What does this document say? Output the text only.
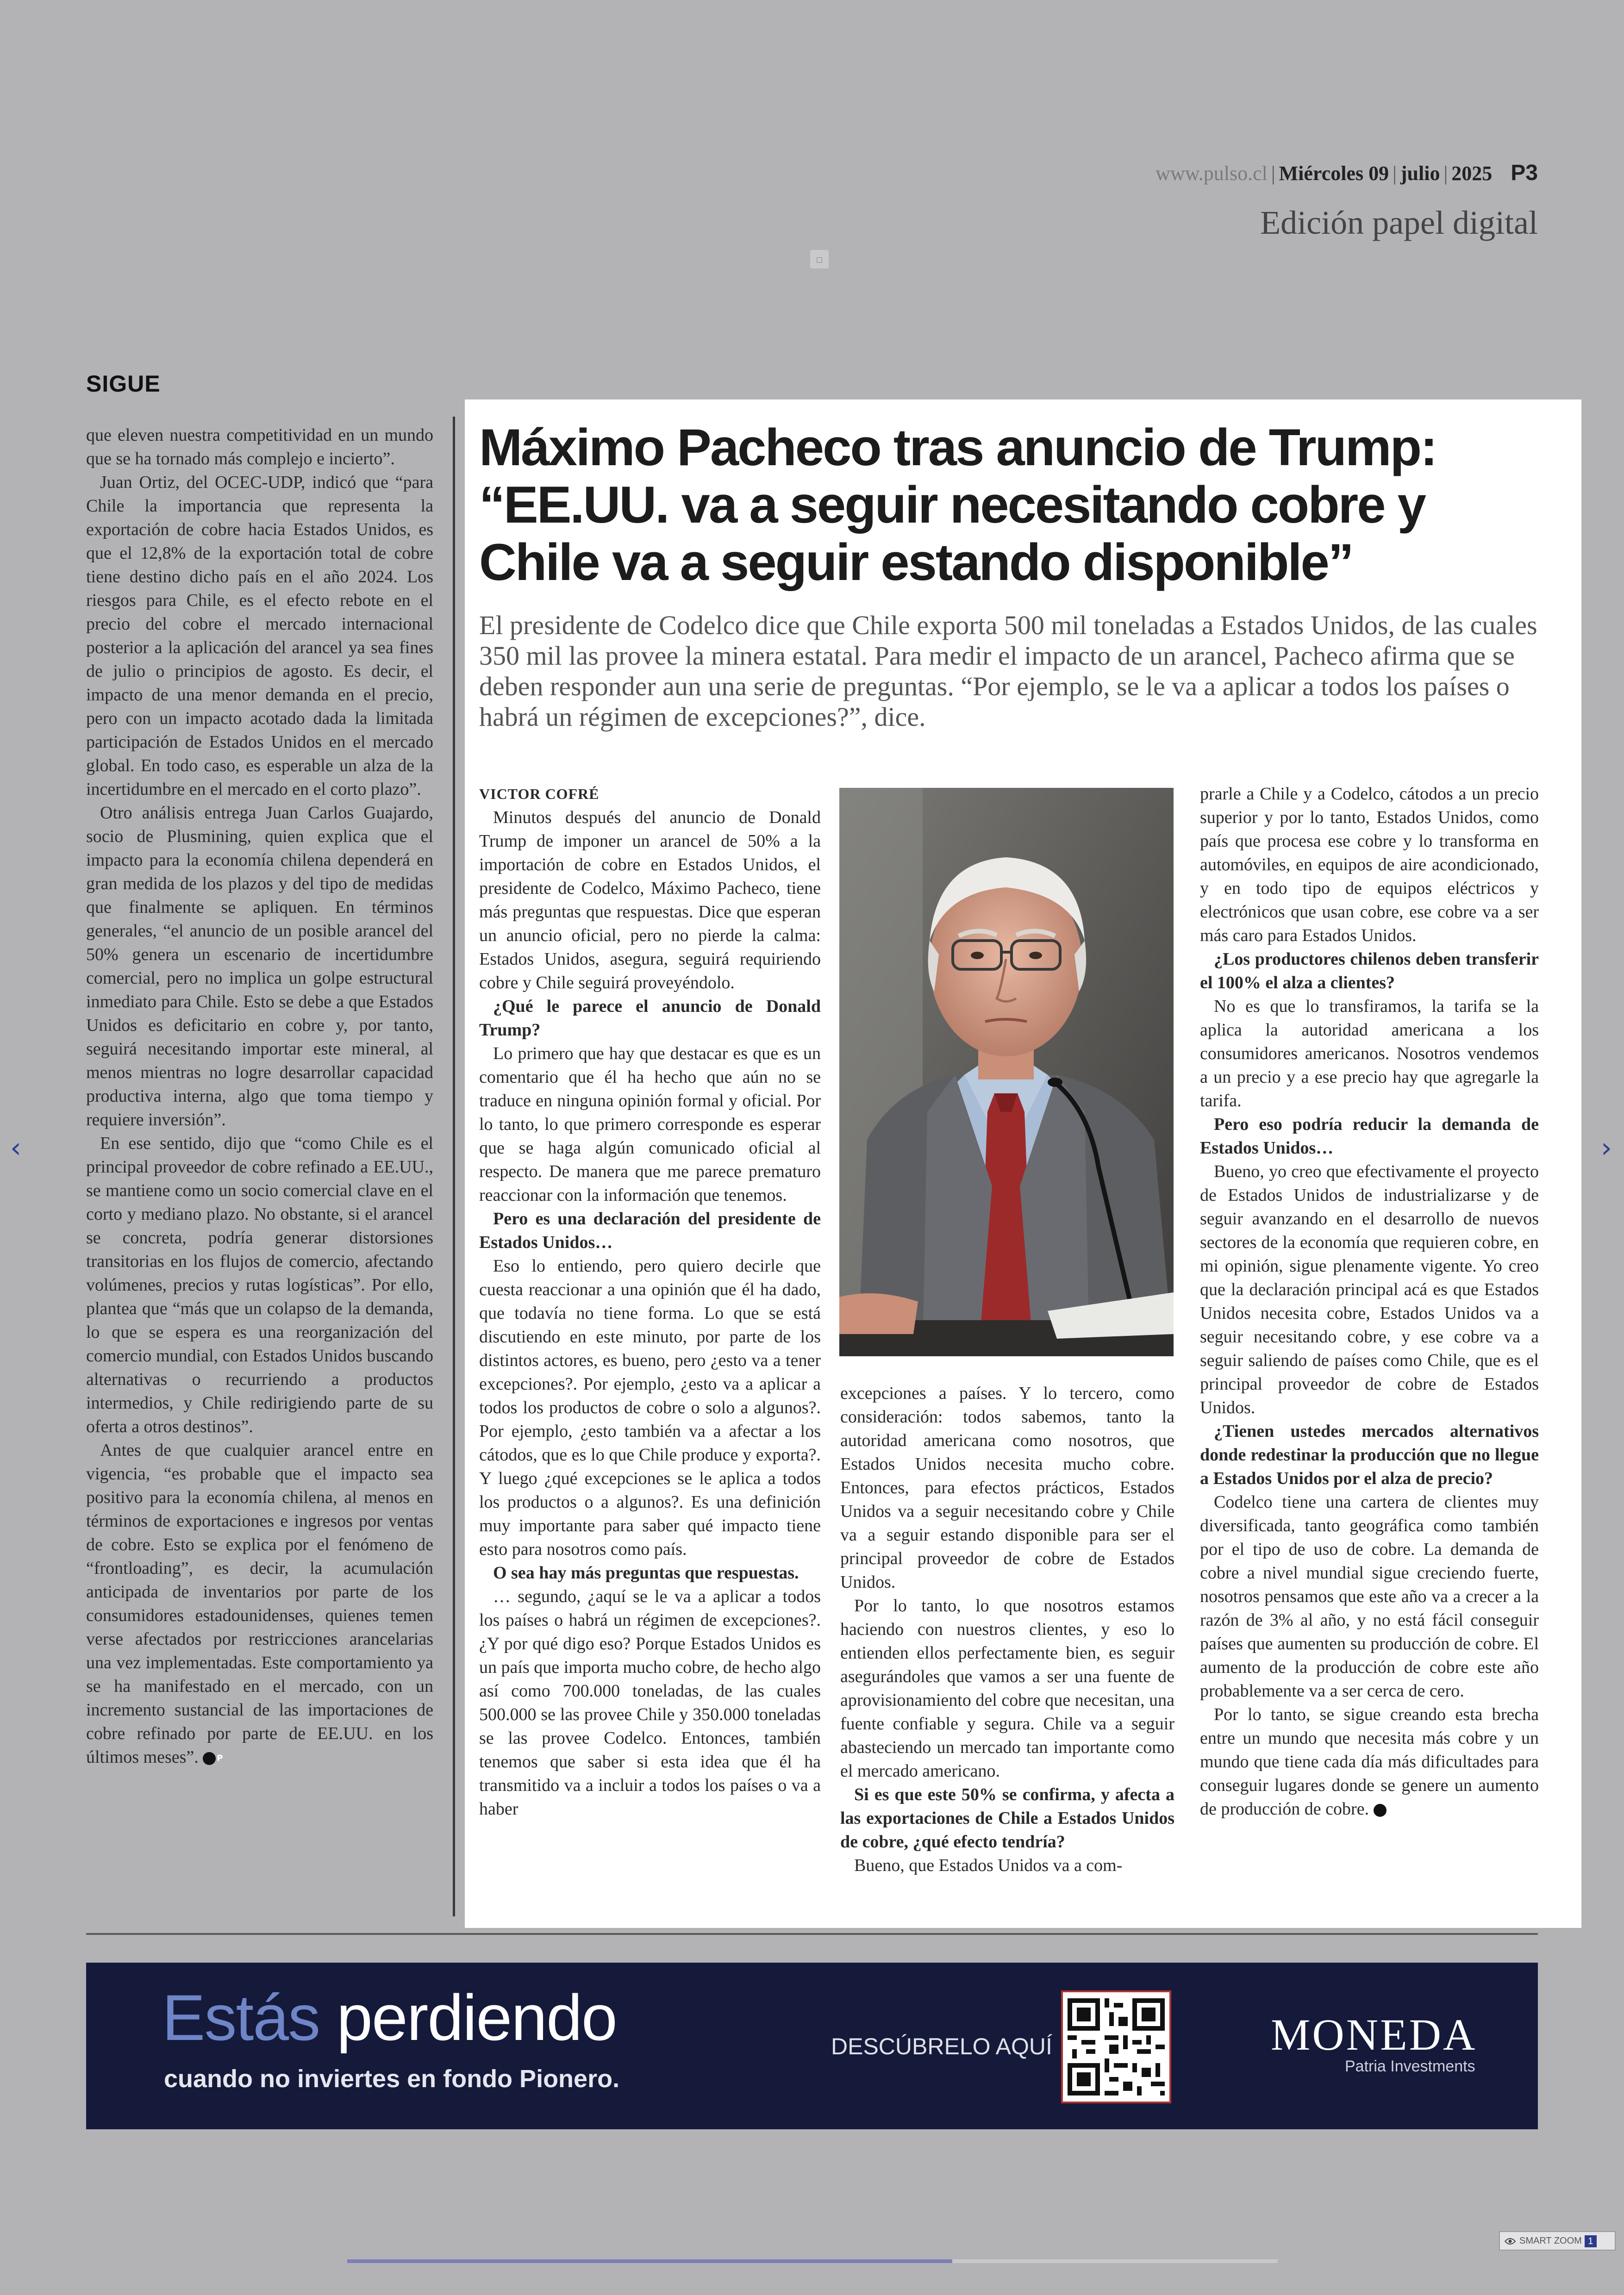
www.pulso.cl | Miércoles 09 | julio | 2025 P3
Edición papel digital
▫
SIGUE

que eleven nuestra competitividad en un mundo que se ha tornado más complejo e incierto”.

Juan Ortiz, del OCEC-UDP, indicó que “para Chile la importancia que representa la exportación de cobre hacia Estados Unidos, es que el 12,8% de la exportación total de cobre tiene destino dicho país en el año 2024. Los riesgos para Chile, es el efecto rebote en el precio del cobre el mercado internacional posterior a la aplicación del arancel ya sea fines de julio o principios de agosto. Es decir, el impacto de una menor demanda en el precio, pero con un impacto acotado dada la limitada participación de Estados Unidos en el mercado global. En todo caso, es esperable un alza de la incertidumbre en el mercado en el corto plazo”.

Otro análisis entrega Juan Carlos Guajardo, socio de Plusmining, quien explica que el impacto para la economía chilena dependerá en gran medida de los plazos y del tipo de medidas que finalmente se apliquen. En términos generales, “el anuncio de un posible arancel del 50% genera un escenario de incertidumbre comercial, pero no implica un golpe estructural inmediato para Chile. Esto se debe a que Estados Unidos es deficitario en cobre y, por tanto, seguirá necesitando importar este mineral, al menos mientras no logre desarrollar capacidad productiva interna, algo que toma tiempo y requiere inversión”.

En ese sentido, dijo que “como Chile es el principal proveedor de cobre refinado a EE.UU., se mantiene como un socio comercial clave en el corto y mediano plazo. No obstante, si el arancel se concreta, podría generar distorsiones transitorias en los flujos de comercio, afectando volúmenes, precios y rutas logísticas”. Por ello, plantea que “más que un colapso de la demanda, lo que se espera es una reorganización del comercio mundial, con Estados Unidos buscando alternativas o recurriendo a productos intermedios, y Chile redirigiendo parte de su oferta a otros destinos”.

Antes de que cualquier arancel entre en vigencia, “es probable que el impacto sea positivo para la economía chilena, al menos en términos de exportaciones e ingresos por ventas de cobre. Esto se explica por el fenómeno de “frontloading”, es decir, la acumulación anticipada de inventarios por parte de los consumidores estadounidenses, quienes temen verse afectados por restricciones arancelarias una vez implementadas. Este comportamiento ya se ha manifestado en el mercado, con un incremento sustancial de las importaciones de cobre refinado por parte de EE.UU. en los últimos meses”. P

Máximo Pacheco tras anuncio de Trump:
“EE.UU. va a seguir necesitando cobre y
Chile va a seguir estando disponible”
El presidente de Codelco dice que Chile exporta 500 mil toneladas a Estados Unidos, de las cuales 350 mil las provee la minera estatal. Para medir el impacto de un arancel, Pacheco afirma que se deben responder aun una serie de preguntas. “Por ejemplo, se le va a aplicar a todos los países o habrá un régimen de excepciones?”, dice.
VICTOR COFRÉ

Minutos después del anuncio de Donald Trump de imponer un arancel de 50% a la importación de cobre en Estados Unidos, el presidente de Codelco, Máximo Pacheco, tiene más preguntas que respuestas. Dice que esperan un anuncio oficial, pero no pierde la calma: Estados Unidos, asegura, seguirá requiriendo cobre y Chile seguirá proveyéndolo.

¿Qué le parece el anuncio de Donald Trump?

Lo primero que hay que destacar es que es un comentario que él ha hecho que aún no se traduce en ninguna opinión formal y oficial. Por lo tanto, lo que primero corresponde es esperar que se haga algún comunicado oficial al respecto. De manera que me parece prematuro reaccionar con la información que tenemos.

Pero es una declaración del presidente de Estados Unidos…

Eso lo entiendo, pero quiero decirle que cuesta reaccionar a una opinión que él ha dado, que todavía no tiene forma. Lo que se está discutiendo en este minuto, por parte de los distintos actores, es bueno, pero ¿esto va a tener excepciones?. Por ejemplo, ¿esto va a aplicar a todos los productos de cobre o solo a algunos?. Por ejemplo, ¿esto también va a afectar a los cátodos, que es lo que Chile produce y exporta?. Y luego ¿qué excepciones se le aplica a todos los productos o a algunos?. Es una definición muy importante para saber qué impacto tiene esto para nosotros como país.

O sea hay más preguntas que respuestas.

… segundo, ¿aquí se le va a aplicar a todos los países o habrá un régimen de excepciones?. ¿Y por qué digo eso? Porque Estados Unidos es un país que importa mucho cobre, de hecho algo así como 700.000 toneladas, de las cuales 500.000 se las provee Chile y 350.000 toneladas se las provee Codelco. Entonces, también tenemos que saber si esta idea que él ha transmitido va a incluir a todos los países o va a haber

excepciones a países. Y lo tercero, como consideración: todos sabemos, tanto la autoridad americana como nosotros, que Estados Unidos necesita mucho cobre. Entonces, para efectos prácticos, Estados Unidos va a seguir necesitando cobre y Chile va a seguir estando disponible para ser el principal proveedor de cobre de Estados Unidos.

Por lo tanto, lo que nosotros estamos haciendo con nuestros clientes, y eso lo entienden ellos perfectamente bien, es seguir asegurándoles que vamos a ser una fuente de aprovisionamiento del cobre que necesitan, una fuente confiable y segura. Chile va a seguir abasteciendo un mercado tan importante como el mercado americano.

Si es que este 50% se confirma, y afecta a las exportaciones de Chile a Estados Unidos de cobre, ¿qué efecto tendría?

Bueno, que Estados Unidos va a com-

prarle a Chile y a Codelco, cátodos a un precio superior y por lo tanto, Estados Unidos, como país que procesa ese cobre y lo transforma en automóviles, en equipos de aire acondicionado, y en todo tipo de equipos eléctricos y electrónicos que usan cobre, ese cobre va a ser más caro para Estados Unidos.

¿Los productores chilenos deben transferir el 100% el alza a clientes?

No es que lo transfiramos, la tarifa se la aplica la autoridad americana a los consumidores americanos. Nosotros vendemos a un precio y a ese precio hay que agregarle la tarifa.

Pero eso podría reducir la demanda de Estados Unidos…

Bueno, yo creo que efectivamente el proyecto de Estados Unidos de industrializarse y de seguir avanzando en el desarrollo de nuevos sectores de la economía que requieren cobre, en mi opinión, sigue plenamente vigente. Yo creo que la declaración principal acá es que Estados Unidos necesita cobre, Estados Unidos va a seguir necesitando cobre, y ese cobre va a seguir saliendo de países como Chile, que es el principal proveedor de cobre de Estados Unidos.

¿Tienen ustedes mercados alternativos donde redestinar la producción que no llegue a Estados Unidos por el alza de precio?

Codelco tiene una cartera de clientes muy diversificada, tanto geográfica como también por el tipo de uso de cobre. La demanda de cobre a nivel mundial sigue creciendo fuerte, nosotros pensamos que este año va a crecer a la razón de 3% al año, y no está fácil conseguir países que aumenten su producción de cobre. El aumento de la producción de cobre este año probablemente va a ser cerca de cero.

Por lo tanto, se sigue creando esta brecha entre un mundo que necesita más cobre y un mundo que tiene cada día más dificultades para conseguir lugares donde se genere un aumento de producción de cobre. P

Estás perdiendo
cuando no inviertes en fondo Pionero.
DESCÚBRELO AQUÍ	MONEDA
Patria Investments
‹	›
SMART ZOOM 1
